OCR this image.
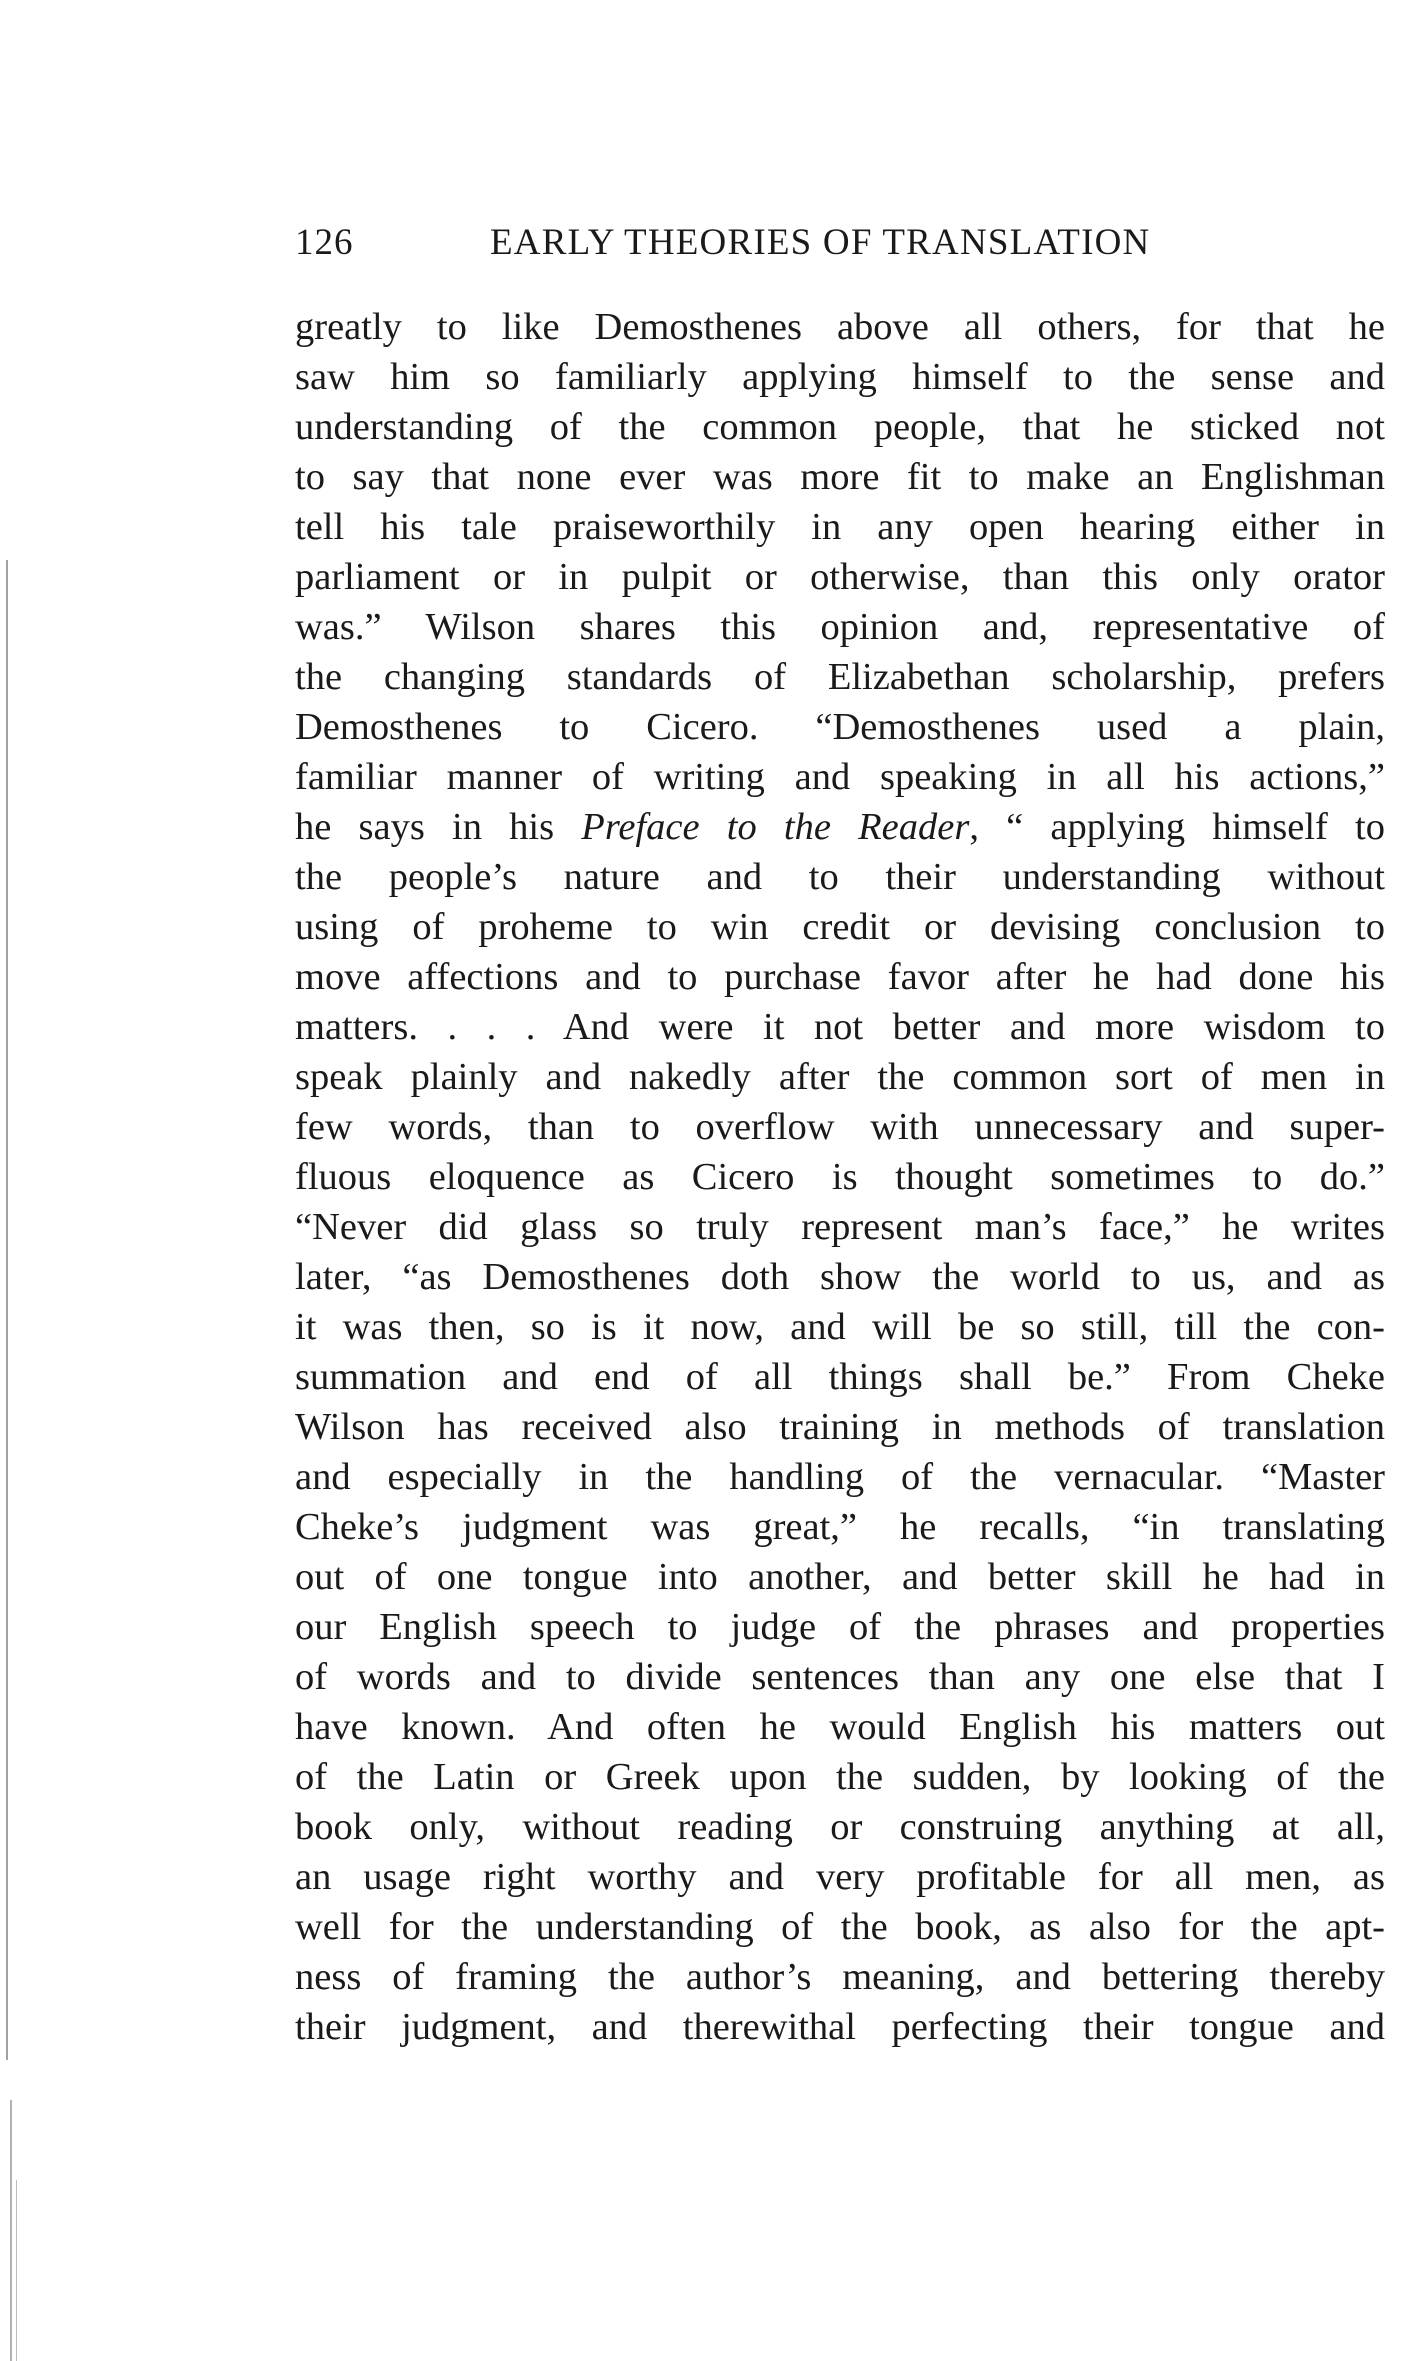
126	EARLY THEORIES OF TRANSLATION
greatly to like Demosthenes above all others, for that he
saw him so familiarly applying himself to the sense and
understanding of the common people, that he sticked not
to say that none ever was more fit to make an Englishman
tell his tale praiseworthily in any open hearing either in
parliament or in pulpit or otherwise, than this only orator
was.” Wilson shares this opinion and, representative of
the changing standards of Elizabethan scholarship, prefers
Demosthenes to Cicero. “Demosthenes used a plain,
familiar manner of writing and speaking in all his actions,”
he says in his Preface to the Reader, “ applying himself to
the people’s nature and to their understanding without
using of proheme to win credit or devising conclusion to
move affections and to purchase favor after he had done his
matters. . . . And were it not better and more wisdom to
speak plainly and nakedly after the common sort of men in
few words, than to overflow with unnecessary and super-
fluous eloquence as Cicero is thought sometimes to do.”
“Never did glass so truly represent man’s face,” he writes
later, “as Demosthenes doth show the world to us, and as
it was then, so is it now, and will be so still, till the con-
summation and end of all things shall be.” From Cheke
Wilson has received also training in methods of translation
and especially in the handling of the vernacular. “Master
Cheke’s judgment was great,” he recalls, “in translating
out of one tongue into another, and better skill he had in
our English speech to judge of the phrases and properties
of words and to divide sentences than any one else that I
have known. And often he would English his matters out
of the Latin or Greek upon the sudden, by looking of the
book only, without reading or construing anything at all,
an usage right worthy and very profitable for all men, as
well for the understanding of the book, as also for the apt-
ness of framing the author’s meaning, and bettering thereby
their judgment, and therewithal perfecting their tongue and
